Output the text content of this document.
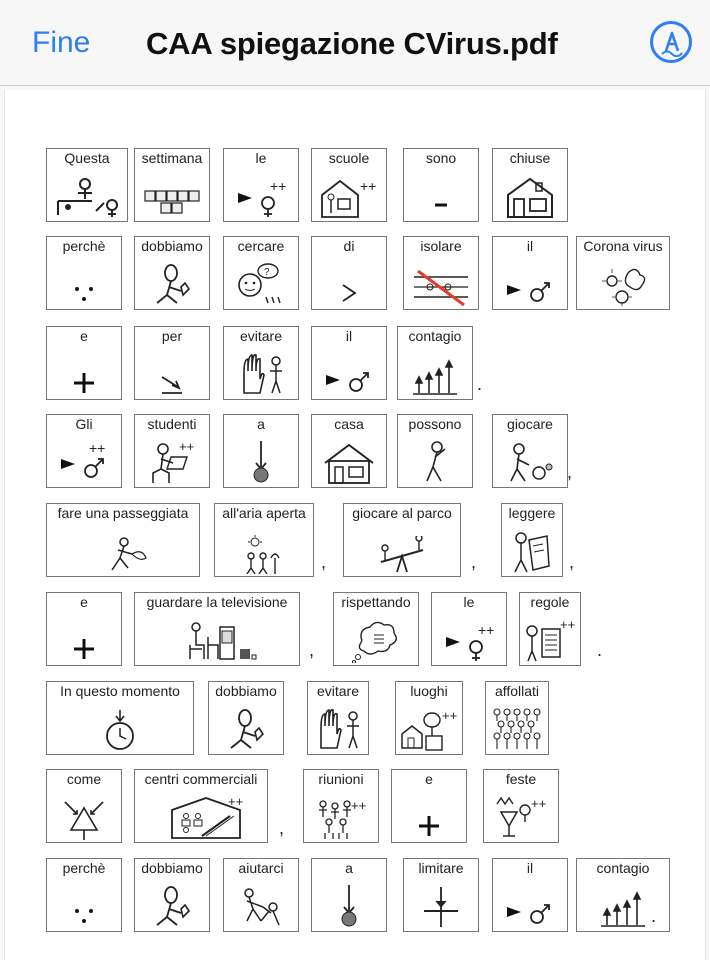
Fine CAA spiegazione CVirus.pdf
Questa	settimana	le
++
scuole
++
sono	chiuse
perchè	dobbiamo	cercare
?
di	isolare	il	Corona virus
e	per	evitare	il	contagio
.
Gli
++
studenti
++
a	casa	possono	giocare
,
fare una passeggiata	all'aria aperta	giocare al parco	leggere
,	,	,
e	guardare la televisione	rispettando	le
++
regole
++
,	.
In questo momento	dobbiamo	evitare	luoghi
++
affollati
come	centri commerciali
++
riunioni
++
e	feste
++
,
perchè	dobbiamo	aiutarci	a	limitare	il	contagio
.
